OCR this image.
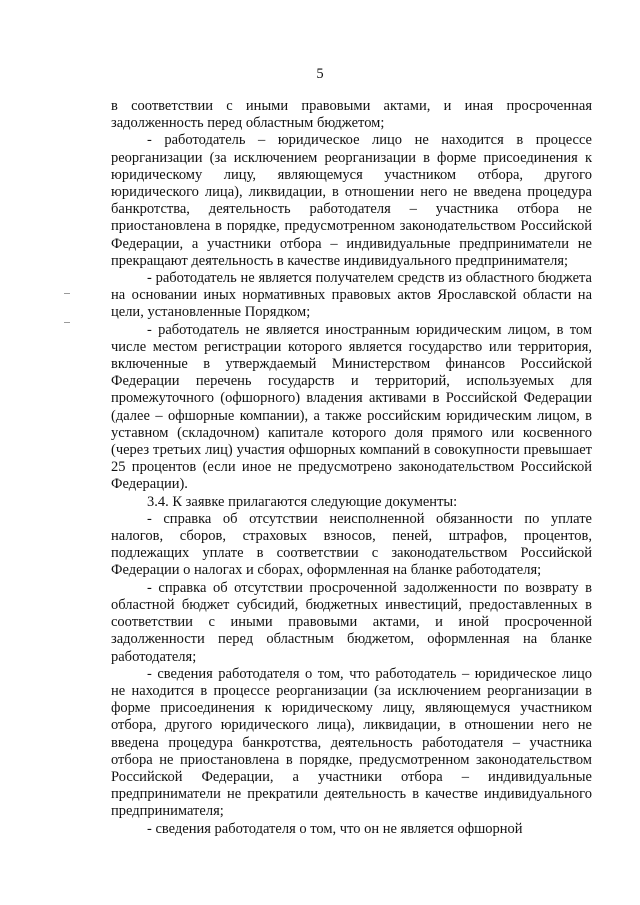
5

в соответствии с иными правовыми актами, и иная просроченная задолженность перед областным бюджетом;

- работодатель – юридическое лицо не находится в процессе реорганизации (за исключением реорганизации в форме присоединения к юридическому лицу, являющемуся участником отбора, другого юридического лица), ликвидации, в отношении него не введена процедура банкротства, деятельность работодателя – участника отбора не приостановлена в порядке, предусмотренном законодательством Российской Федерации, а участники отбора – индивидуальные предприниматели не прекращают деятельность в качестве индивидуального предпринимателя;

- работодатель не является получателем средств из областного бюджета на основании иных нормативных правовых актов Ярославской области на цели, установленные Порядком;

- работодатель не является иностранным юридическим лицом, в том числе местом регистрации которого является государство или территория, включенные в утверждаемый Министерством финансов Российской Федерации перечень государств и территорий, используемых для промежуточного (офшорного) владения активами в Российской Федерации (далее – офшорные компании), а также российским юридическим лицом, в уставном (складочном) капитале которого доля прямого или косвенного (через третьих лиц) участия офшорных компаний в совокупности превышает 25 процентов (если иное не предусмотрено законодательством Российской Федерации).

3.4. К заявке прилагаются следующие документы:

- справка об отсутствии неисполненной обязанности по уплате налогов, сборов, страховых взносов, пеней, штрафов, процентов, подлежащих уплате в соответствии с законодательством Российской Федерации о налогах и сборах, оформленная на бланке работодателя;

- справка об отсутствии просроченной задолженности по возврату в областной бюджет субсидий, бюджетных инвестиций, предоставленных в соответствии с иными правовыми актами, и иной просроченной задолженности перед областным бюджетом, оформленная на бланке работодателя;

- сведения работодателя о том, что работодатель – юридическое лицо не находится в процессе реорганизации (за исключением реорганизации в форме присоединения к юридическому лицу, являющемуся участником отбора, другого юридического лица), ликвидации, в отношении него не введена процедура банкротства, деятельность работодателя – участника отбора не приостановлена в порядке, предусмотренном законодательством Российской Федерации, а участники отбора – индивидуальные предприниматели не прекратили деятельность в качестве индивидуального предпринимателя;

- сведения работодателя о том, что он не является офшорной
